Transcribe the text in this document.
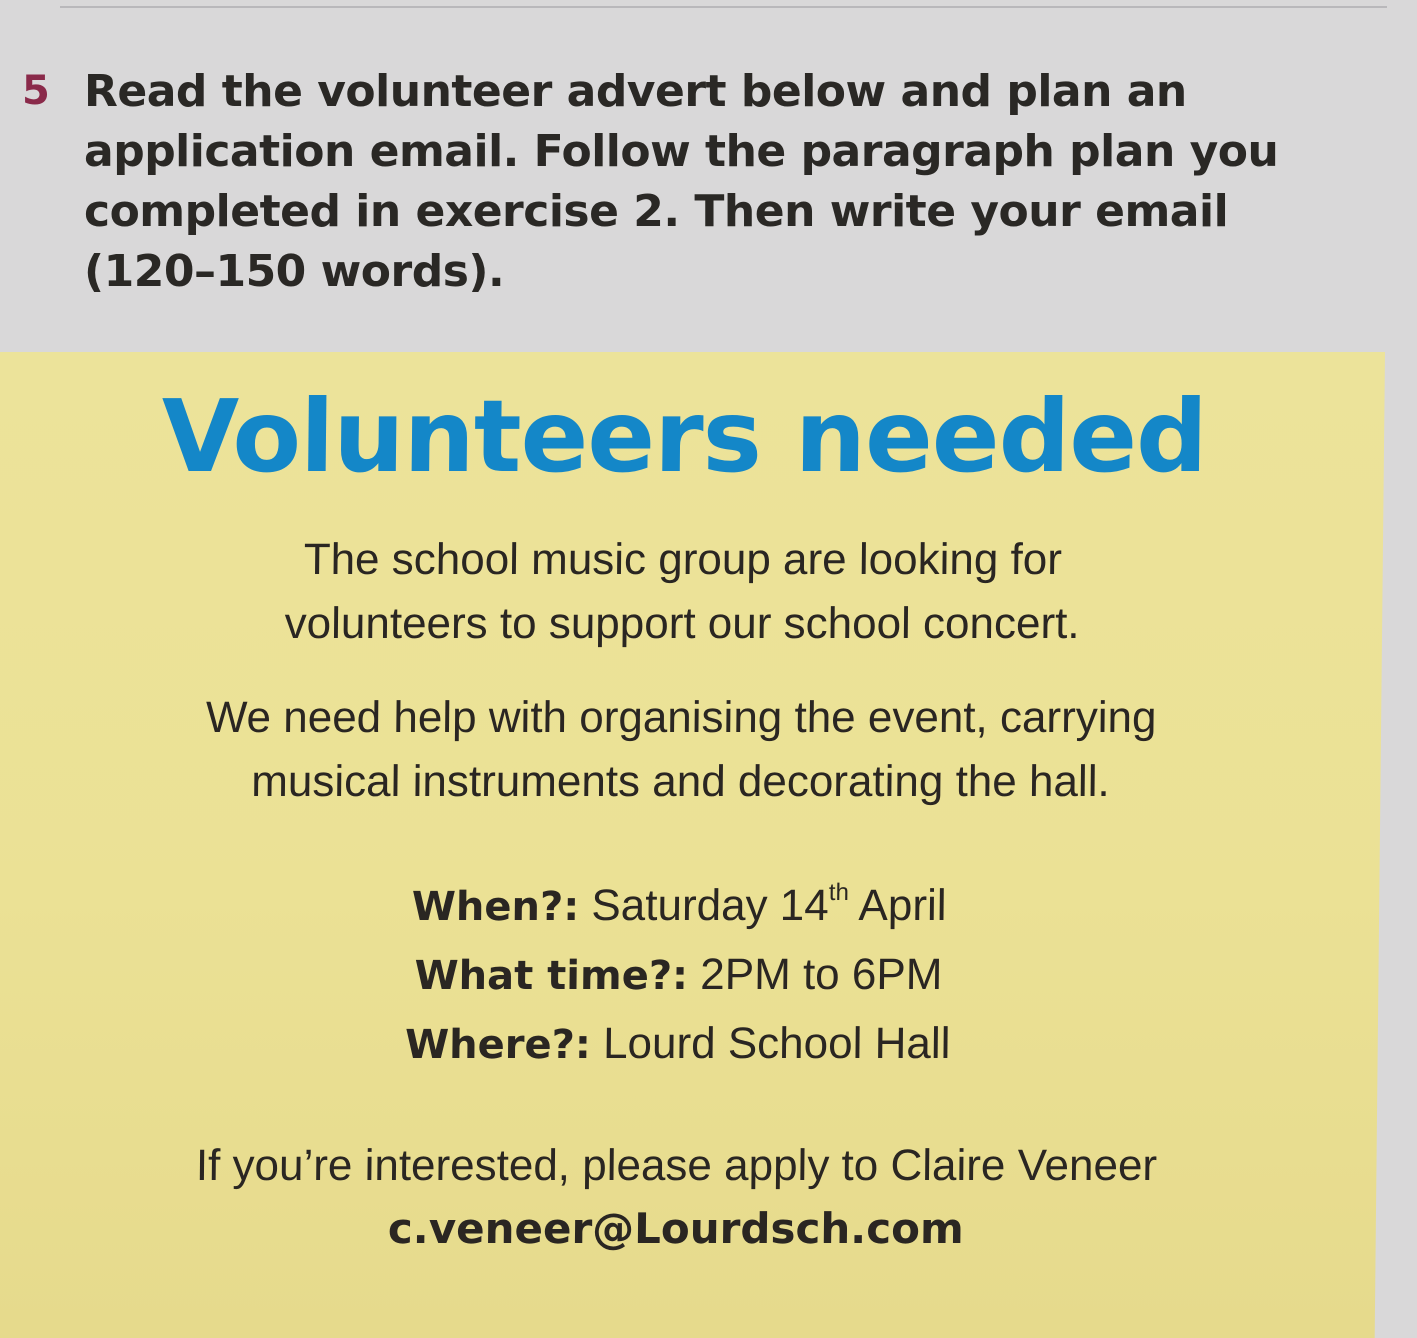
5 Read the volunteer advert below and plan an
application email. Follow the paragraph plan you
completed in exercise 2. Then write your email
(120–150 words).
Volunteers needed
The school music group are looking for
volunteers to support our school concert.
We need help with organising the event, carrying
musical instruments and decorating the hall.
When?: Saturday 14th April
What time?: 2PM to 6PM
Where?: Lourd School Hall
If you’re interested, please apply to Claire Veneer
c.veneer@Lourdsch.com
